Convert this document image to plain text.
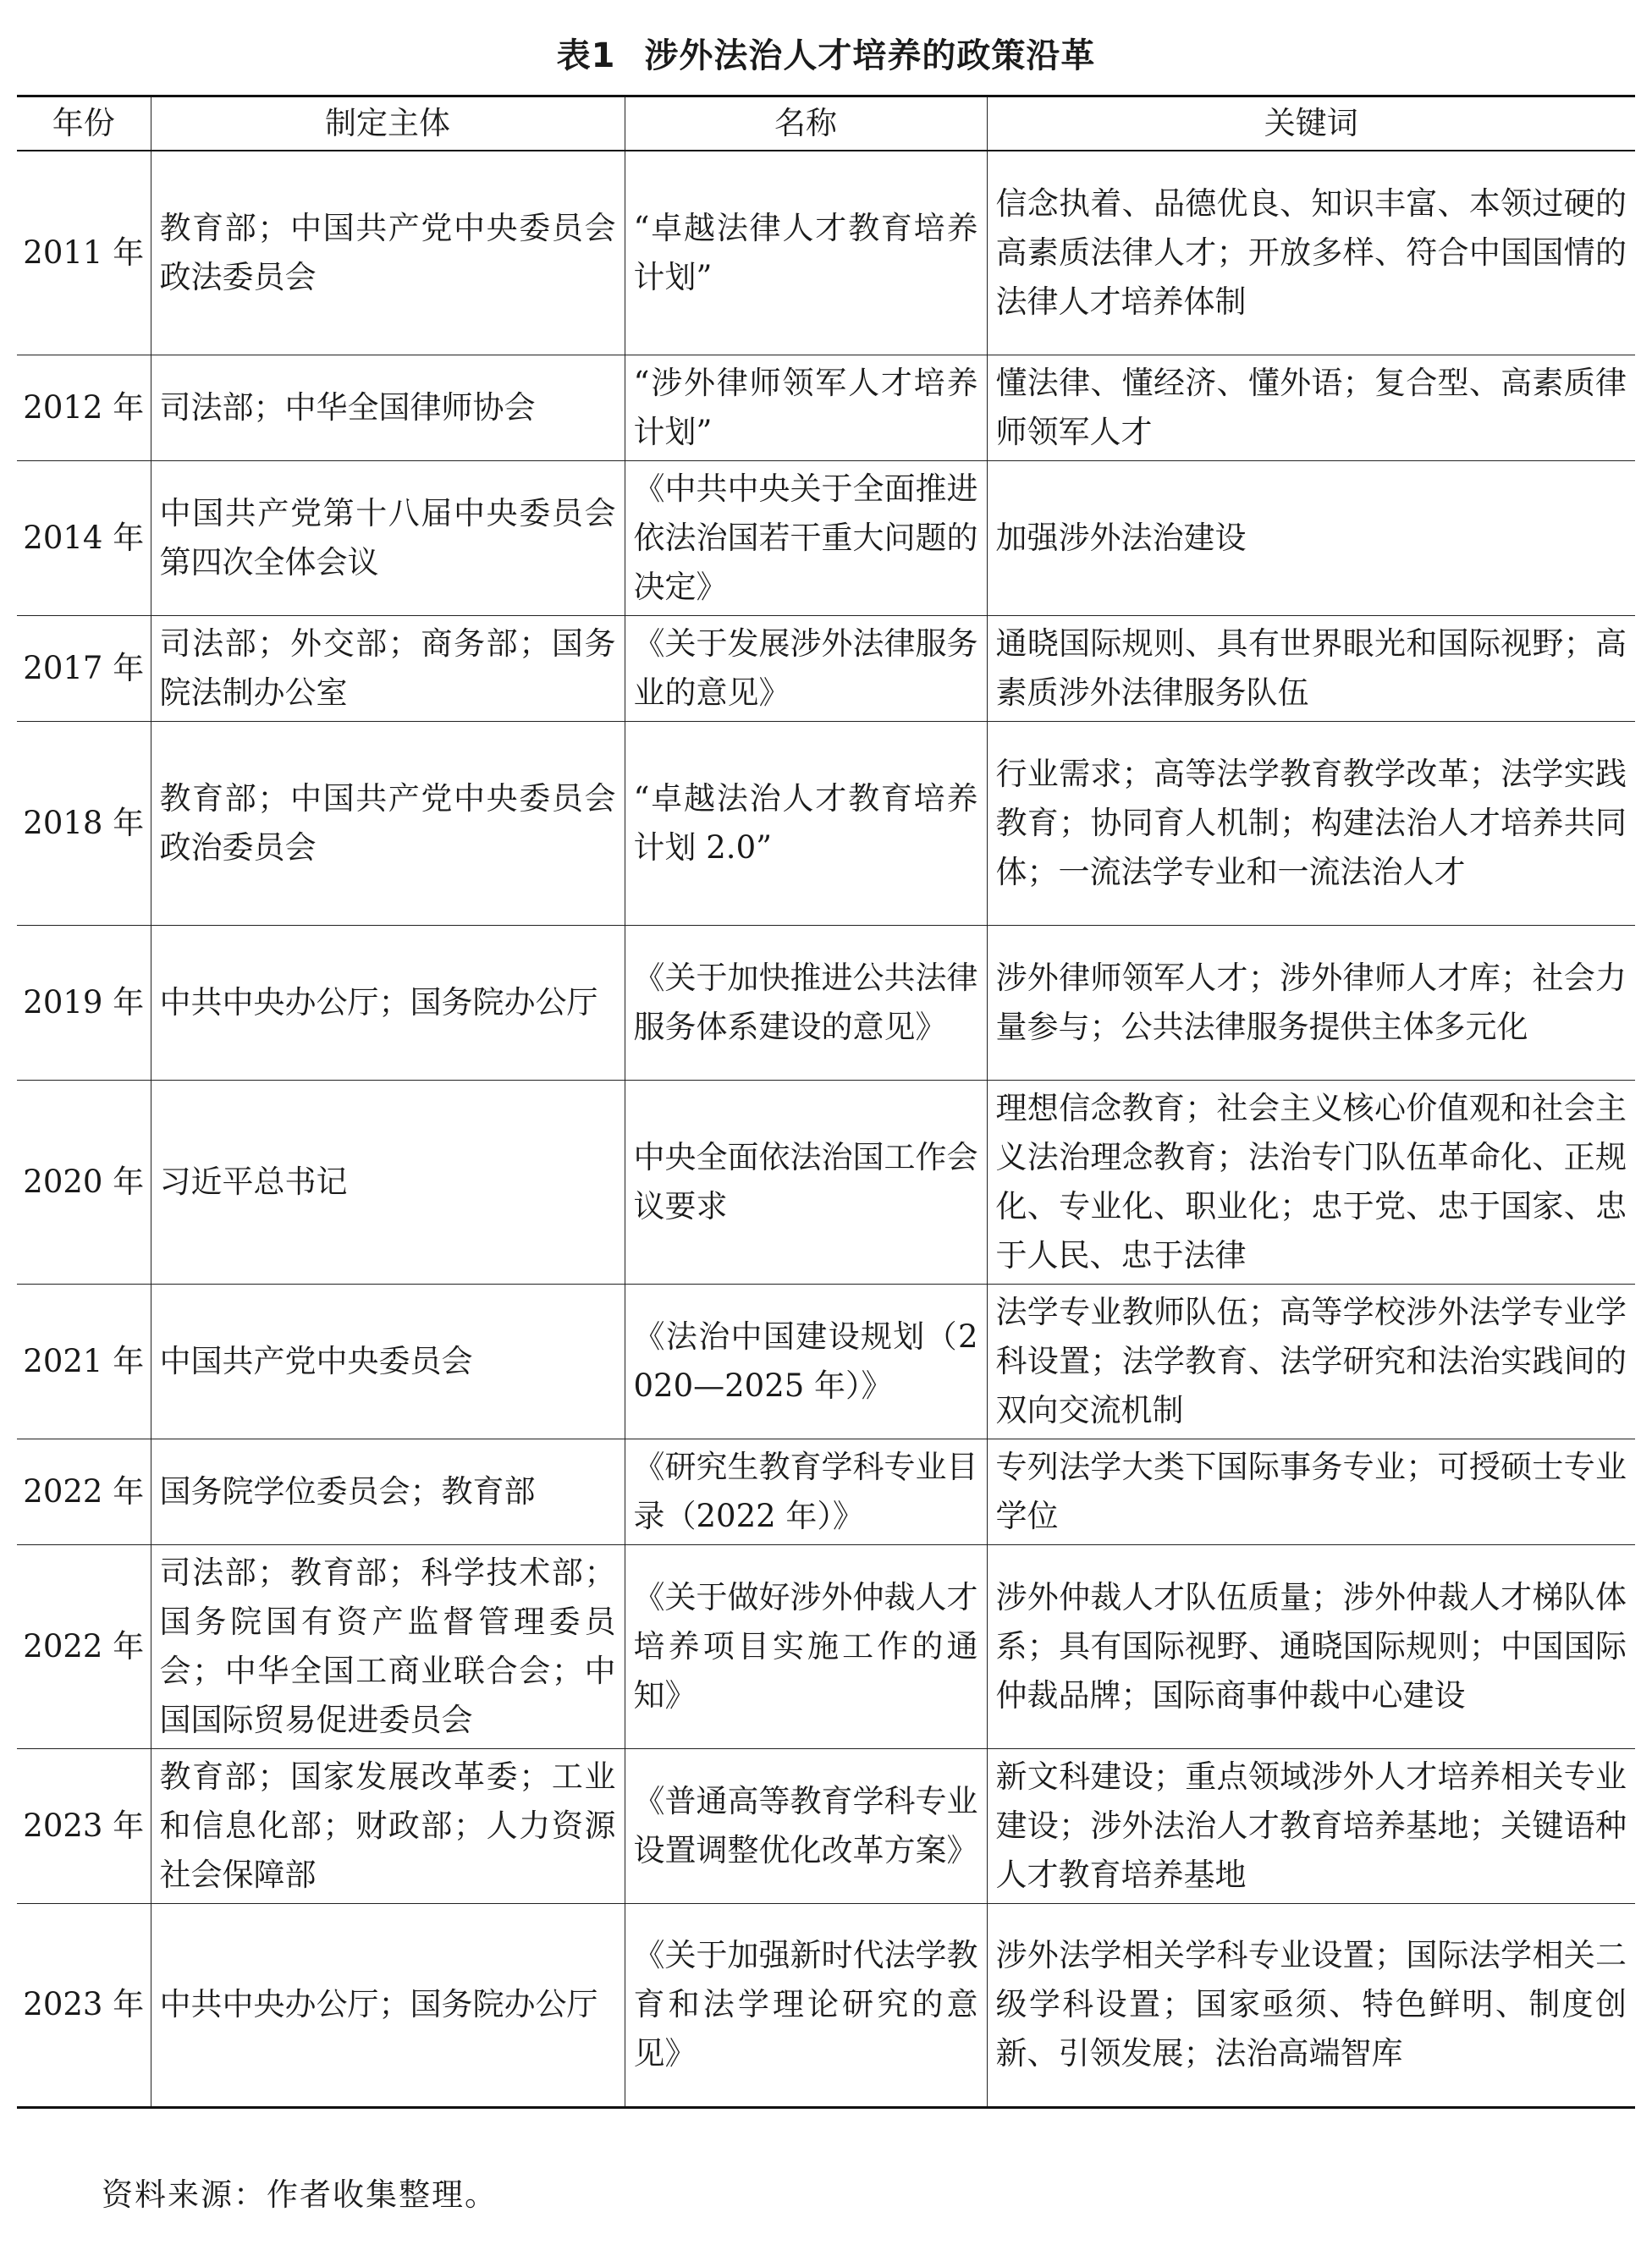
表1 涉外法治人才培养的政策沿革
年份	制定主体	名称	关键词
2011 年	教育部；中国共产党中央委员会政法委员会	“卓越法律人才教育培养计划”	信念执着、品德优良、知识丰富、本领过硬的高素质法律人才；开放多样、符合中国国情的法律人才培养体制
2012 年	司法部；中华全国律师协会	“涉外律师领军人才培养计划”	懂法律、懂经济、懂外语；复合型、高素质律师领军人才
2014 年	中国共产党第十八届中央委员会第四次全体会议	《中共中央关于全面推进依法治国若干重大问题的决定》	加强涉外法治建设
2017 年	司法部；外交部；商务部；国务院法制办公室	《关于发展涉外法律服务业的意见》	通晓国际规则、具有世界眼光和国际视野；高素质涉外法律服务队伍
2018 年	教育部；中国共产党中央委员会政治委员会	“卓越法治人才教育培养计划 2.0”	行业需求；高等法学教育教学改革；法学实践教育；协同育人机制；构建法治人才培养共同体；一流法学专业和一流法治人才
2019 年	中共中央办公厅；国务院办公厅	《关于加快推进公共法律服务体系建设的意见》	涉外律师领军人才；涉外律师人才库；社会力量参与；公共法律服务提供主体多元化
2020 年	习近平总书记	中央全面依法治国工作会议要求	理想信念教育；社会主义核心价值观和社会主义法治理念教育；法治专门队伍革命化、正规化、专业化、职业化；忠于党、忠于国家、忠于人民、忠于法律
2021 年	中国共产党中央委员会	《法治中国建设规划（2020—2025 年）》	法学专业教师队伍；高等学校涉外法学专业学科设置；法学教育、法学研究和法治实践间的双向交流机制
2022 年	国务院学位委员会；教育部	《研究生教育学科专业目录（2022 年）》	专列法学大类下国际事务专业；可授硕士专业学位
2022 年	司法部；教育部；科学技术部；国务院国有资产监督管理委员会；中华全国工商业联合会；中国国际贸易促进委员会	《关于做好涉外仲裁人才培养项目实施工作的通知》	涉外仲裁人才队伍质量；涉外仲裁人才梯队体系；具有国际视野、通晓国际规则；中国国际仲裁品牌；国际商事仲裁中心建设
2023 年	教育部；国家发展改革委；工业和信息化部；财政部；人力资源社会保障部	《普通高等教育学科专业设置调整优化改革方案》	新文科建设；重点领域涉外人才培养相关专业建设；涉外法治人才教育培养基地；关键语种人才教育培养基地
2023 年	中共中央办公厅；国务院办公厅	《关于加强新时代法学教育和法学理论研究的意见》	涉外法学相关学科专业设置；国际法学相关二级学科设置；国家亟须、特色鲜明、制度创新、引领发展；法治高端智库
资料来源：作者收集整理。
